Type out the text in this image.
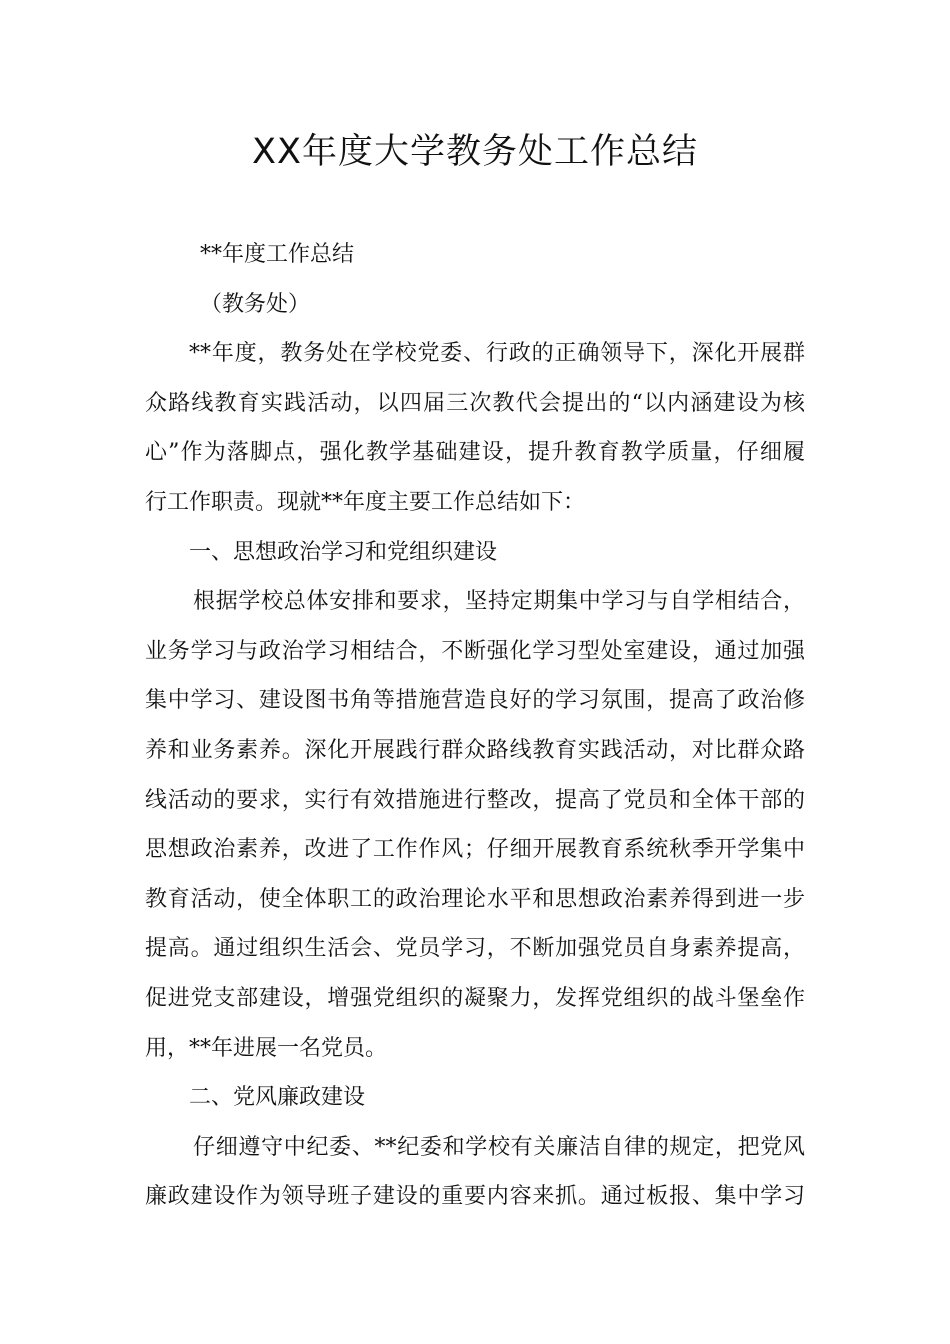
XX年度大学教务处工作总结

**年度工作总结

（教务处）

**年度，教务处在学校党委、行政的正确领导下，深化开展群

众路线教育实践活动，以四届三次教代会提出的“以内涵建设为核

心”作为落脚点，强化教学基础建设，提升教育教学质量，仔细履

行工作职责。现就**年度主要工作总结如下：

一、思想政治学习和党组织建设

根据学校总体安排和要求，坚持定期集中学习与自学相结合，

业务学习与政治学习相结合，不断强化学习型处室建设，通过加强

集中学习、建设图书角等措施营造良好的学习氛围，提高了政治修

养和业务素养。深化开展践行群众路线教育实践活动，对比群众路

线活动的要求，实行有效措施进行整改，提高了党员和全体干部的

思想政治素养，改进了工作作风；仔细开展教育系统秋季开学集中

教育活动，使全体职工的政治理论水平和思想政治素养得到进一步

提高。通过组织生活会、党员学习，不断加强党员自身素养提高，

促进党支部建设，增强党组织的凝聚力，发挥党组织的战斗堡垒作

用，**年进展一名党员。

二、党风廉政建设

仔细遵守中纪委、**纪委和学校有关廉洁自律的规定，把党风

廉政建设作为领导班子建设的重要内容来抓。通过板报、集中学习
